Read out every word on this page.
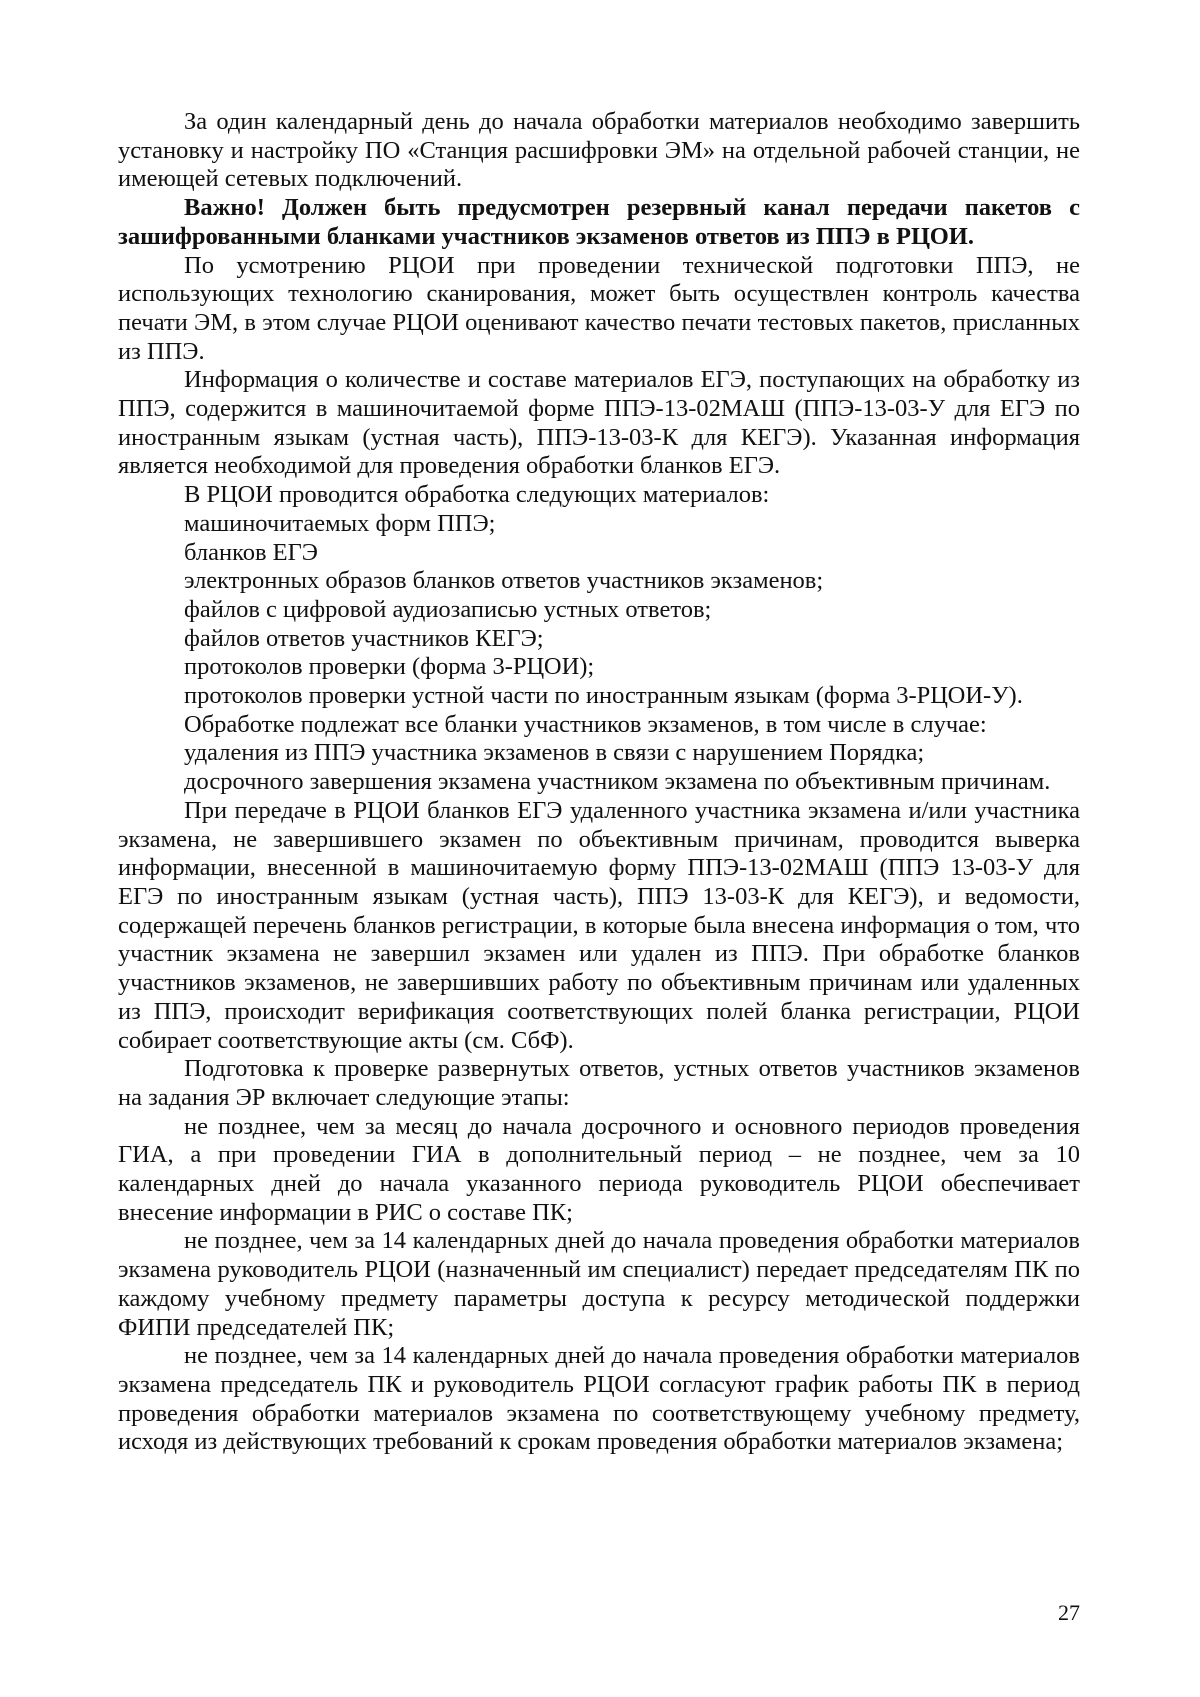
За один календарный день до начала обработки материалов необходимо завершить установку и настройку ПО «Станция расшифровки ЭМ» на отдельной рабочей станции, не имеющей сетевых подключений.

Важно! Должен быть предусмотрен резервный канал передачи пакетов с зашифрованными бланками участников экзаменов ответов из ППЭ в РЦОИ.

По усмотрению РЦОИ при проведении технической подготовки ППЭ, не использующих технологию сканирования, может быть осуществлен контроль качества печати ЭМ, в этом случае РЦОИ оценивают качество печати тестовых пакетов, присланных из ППЭ.

Информация о количестве и составе материалов ЕГЭ, поступающих на обработку из ППЭ, содержится в машиночитаемой форме ППЭ-13-02МАШ (ППЭ-13-03-У для ЕГЭ по иностранным языкам (устная часть), ППЭ-13-03-К для КЕГЭ). Указанная информация является необходимой для проведения обработки бланков ЕГЭ.

В РЦОИ проводится обработка следующих материалов:

машиночитаемых форм ППЭ;

бланков ЕГЭ

электронных образов бланков ответов участников экзаменов;

файлов с цифровой аудиозаписью устных ответов;

файлов ответов участников КЕГЭ;

протоколов проверки (форма 3-РЦОИ);

протоколов проверки устной части по иностранным языкам (форма 3-РЦОИ-У).

Обработке подлежат все бланки участников экзаменов, в том числе в случае:

удаления из ППЭ участника экзаменов в связи с нарушением Порядка;

досрочного завершения экзамена участником экзамена по объективным причинам.

При передаче в РЦОИ бланков ЕГЭ удаленного участника экзамена и/или участника экзамена, не завершившего экзамен по объективным причинам, проводится выверка информации, внесенной в машиночитаемую форму ППЭ-13-02МАШ (ППЭ 13-03-У для ЕГЭ по иностранным языкам (устная часть), ППЭ 13-03-К для КЕГЭ), и ведомости, содержащей перечень бланков регистрации, в которые была внесена информация о том, что участник экзамена не завершил экзамен или удален из ППЭ. При обработке бланков участников экзаменов, не завершивших работу по объективным причинам или удаленных из ППЭ, происходит верификация соответствующих полей бланка регистрации, РЦОИ собирает соответствующие акты (см. СбФ).

Подготовка к проверке развернутых ответов, устных ответов участников экзаменов на задания ЭР включает следующие этапы:

не позднее, чем за месяц до начала досрочного и основного периодов проведения ГИА, а при проведении ГИА в дополнительный период – не позднее, чем за 10 календарных дней до начала указанного периода руководитель РЦОИ обеспечивает внесение информации в РИС о составе ПК;

не позднее, чем за 14 календарных дней до начала проведения обработки материалов экзамена руководитель РЦОИ (назначенный им специалист) передает председателям ПК по каждому учебному предмету параметры доступа к ресурсу методической поддержки ФИПИ председателей ПК;

не позднее, чем за 14 календарных дней до начала проведения обработки материалов экзамена председатель ПК и руководитель РЦОИ согласуют график работы ПК в период проведения обработки материалов экзамена по соответствующему учебному предмету, исходя из действующих требований к срокам проведения обработки материалов экзамена;

27
